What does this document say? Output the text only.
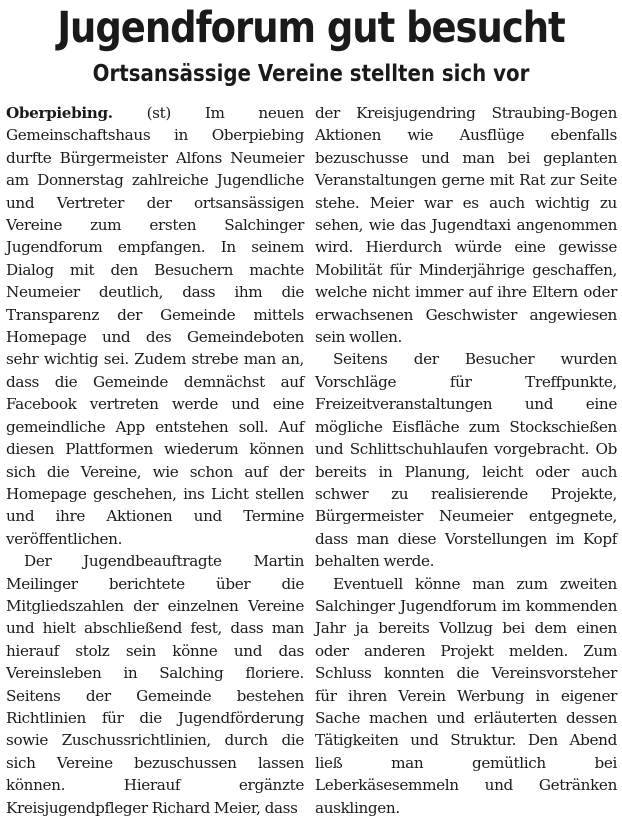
Jugendforum gut besucht
Ortsansässige Vereine stellten sich vor

Oberpiebing. (st) Im neuen Gemeinschaftshaus in Oberpiebing durfte Bürgermeister Alfons Neumeier am Donnerstag zahlreiche Jugendliche und Vertreter der ortsansässigen Vereine zum ersten Salchinger Jugendforum empfangen. In seinem Dialog mit den Besuchern machte Neumeier deutlich, dass ihm die Transparenz der Gemeinde mittels Homepage und des Gemeindeboten sehr wichtig sei. Zudem strebe man an, dass die Gemeinde demnächst auf Facebook vertreten werde und eine gemeindliche App entstehen soll. Auf diesen Plattformen wiederum können sich die Vereine, wie schon auf der Homepage geschehen, ins Licht stellen und ihre Aktionen und Termine veröffentlichen.

Der Jugendbeauftragte Martin Meilinger berichtete über die Mitgliedszahlen der einzelnen Vereine und hielt abschließend fest, dass man hierauf stolz sein könne und das Vereinsleben in Salching floriere. Seitens der Gemeinde bestehen Richtlinien für die Jugendförderung sowie Zuschussrichtlinien, durch die sich Vereine bezuschussen lassen können. Hierauf ergänzte Kreisjugendpfleger Richard Meier, dass

der Kreisjugendring Straubing-Bogen Aktionen wie Ausflüge ebenfalls bezuschusse und man bei geplanten Veranstaltungen gerne mit Rat zur Seite stehe. Meier war es auch wichtig zu sehen, wie das Jugendtaxi angenommen wird. Hierdurch würde eine gewisse Mobilität für Minderjährige geschaffen, welche nicht immer auf ihre Eltern oder erwachsenen Geschwister angewiesen sein wollen.

Seitens der Besucher wurden Vorschläge für Treffpunkte, Freizeitveranstaltungen und eine mögliche Eisfläche zum Stockschießen und Schlittschuhlaufen vorgebracht. Ob bereits in Planung, leicht oder auch schwer zu realisierende Projekte, Bürgermeister Neumeier entgegnete, dass man diese Vorstellungen im Kopf behalten werde.

Eventuell könne man zum zweiten Salchinger Jugendforum im kommenden Jahr ja bereits Vollzug bei dem einen oder anderen Projekt melden. Zum Schluss konnten die Vereinsvorsteher für ihren Verein Werbung in eigener Sache machen und erläuterten dessen Tätigkeiten und Struktur. Den Abend ließ man gemütlich bei Leberkäsesemmeln und Getränken ausklingen.
